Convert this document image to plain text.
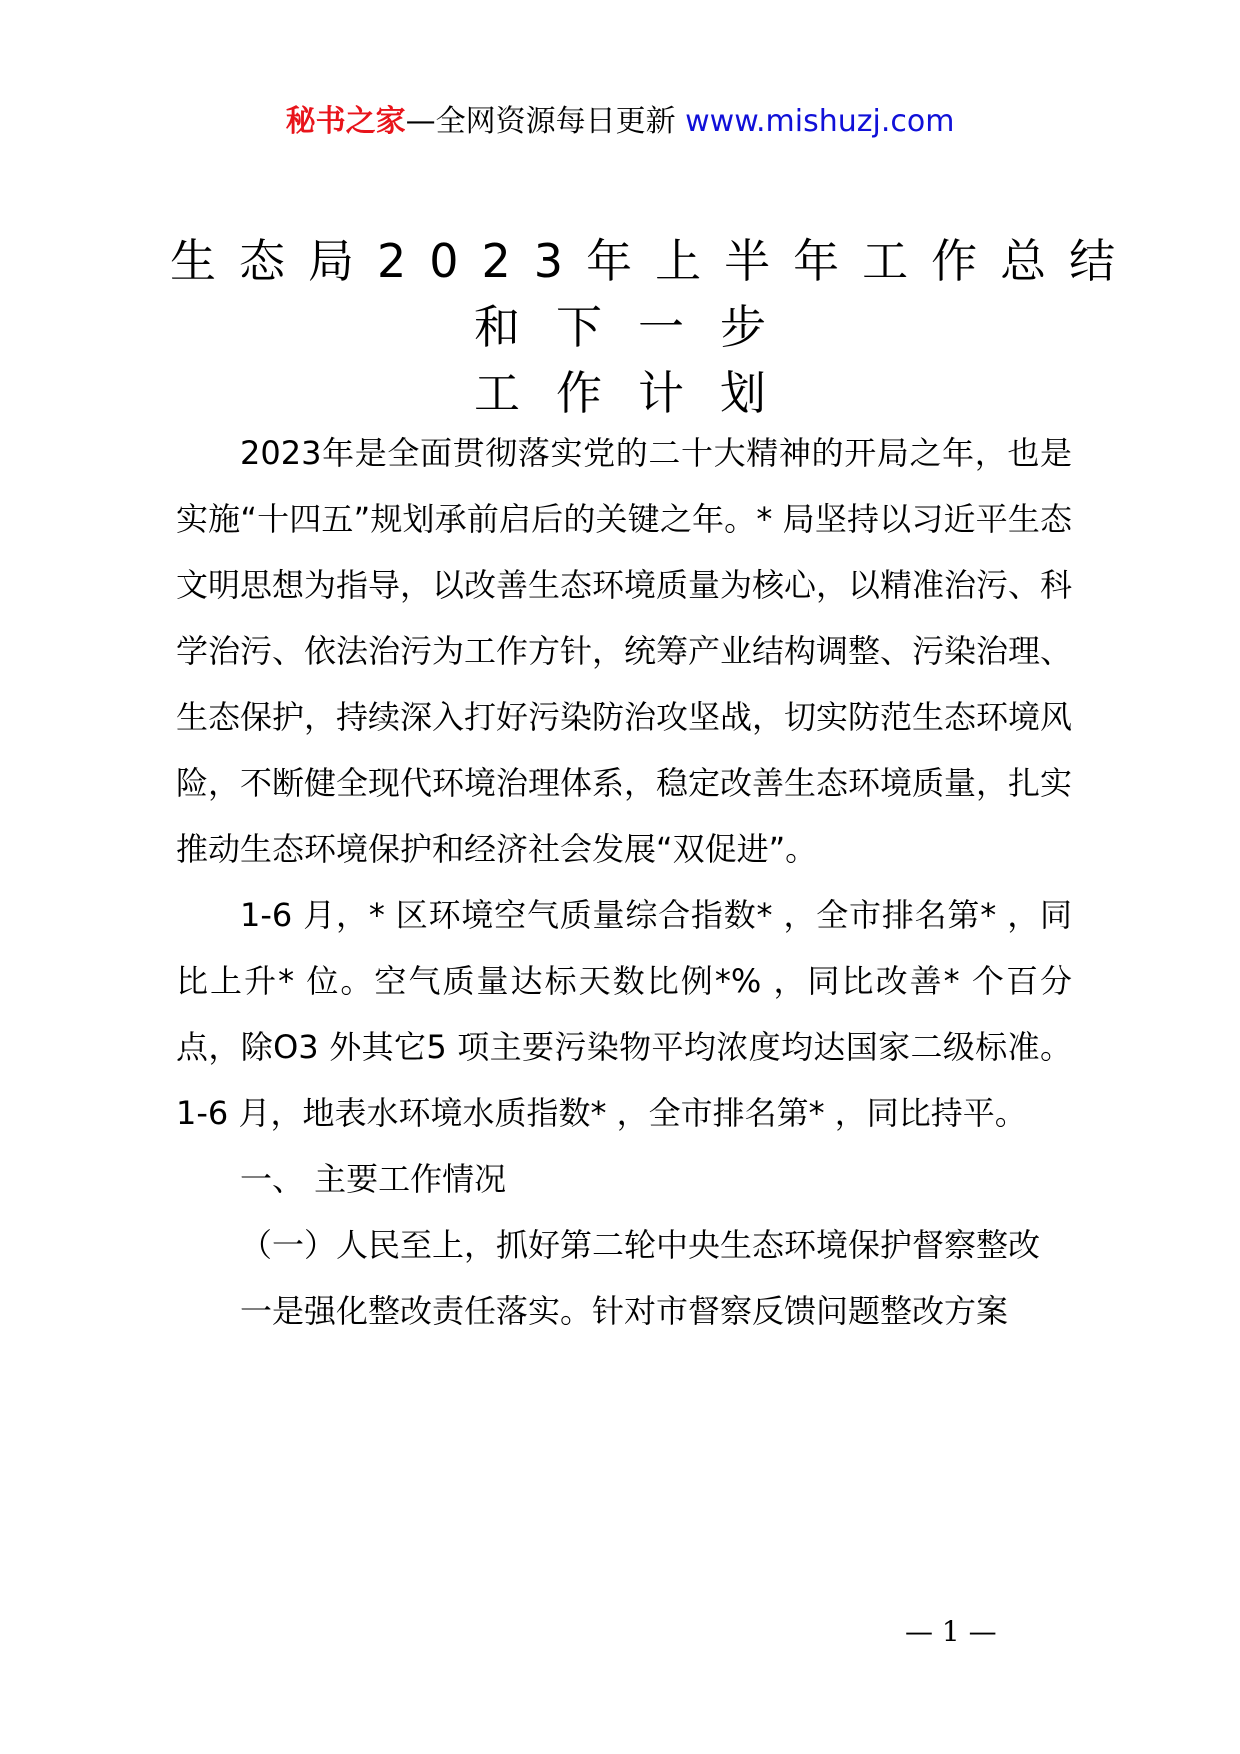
秘书之家—全网资源每日更新 www.mishuzj.com
生态局2023年上半年工作总结
和下一步
工作计划

2023年是全面贯彻落实党的二十大精神的开局之年，也是实施“十四五”规划承前启后的关键之年。* 局坚持以习近平生态文明思想为指导，以改善生态环境质量为核心，以精准治污、科学治污、依法治污为工作方针，统筹产业结构调整、污染治理、生态保护，持续深入打好污染防治攻坚战，切实防范生态环境风险，不断健全现代环境治理体系，稳定改善生态环境质量，扎实推动生态环境保护和经济社会发展“双促进”。

1-6 月，* 区环境空气质量综合指数* ，全市排名第* ，同比上升* 位。空气质量达标天数比例*% ，同比改善* 个百分点，除O3 外其它5 项主要污染物平均浓度均达国家二级标准。1-6 月，地表水环境水质指数* ，全市排名第* ，同比持平。

一、 主要工作情况

（一）人民至上，抓好第二轮中央生态环境保护督察整改

一是强化整改责任落实。针对市督察反馈问题整改方案

— 1 —
